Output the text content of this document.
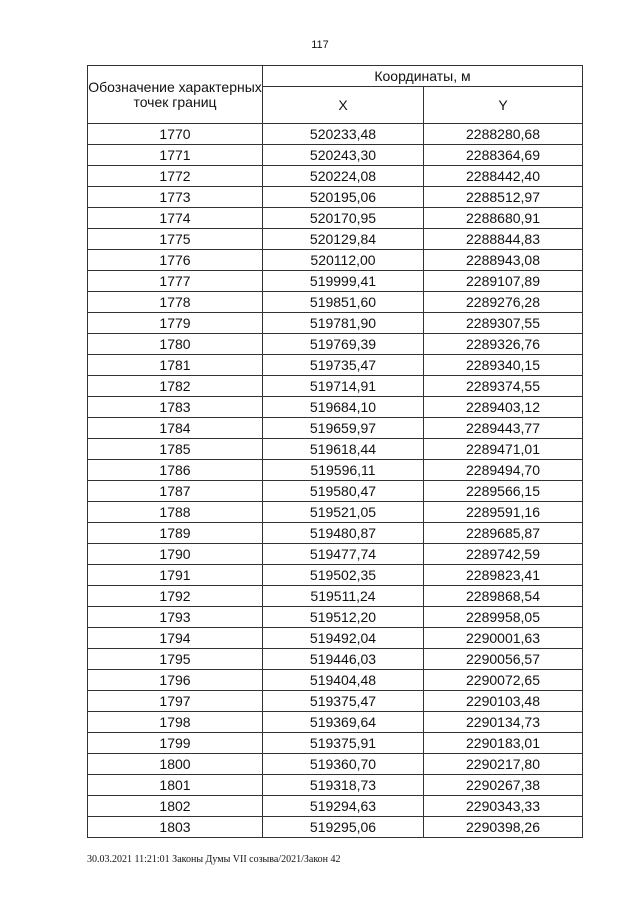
117
Обозначение характерных точек границ	Координаты, м	
	X	Y
1770	520233,48	2288280,68
1771	520243,30	2288364,69
1772	520224,08	2288442,40
1773	520195,06	2288512,97
1774	520170,95	2288680,91
1775	520129,84	2288844,83
1776	520112,00	2288943,08
1777	519999,41	2289107,89
1778	519851,60	2289276,28
1779	519781,90	2289307,55
1780	519769,39	2289326,76
1781	519735,47	2289340,15
1782	519714,91	2289374,55
1783	519684,10	2289403,12
1784	519659,97	2289443,77
1785	519618,44	2289471,01
1786	519596,11	2289494,70
1787	519580,47	2289566,15
1788	519521,05	2289591,16
1789	519480,87	2289685,87
1790	519477,74	2289742,59
1791	519502,35	2289823,41
1792	519511,24	2289868,54
1793	519512,20	2289958,05
1794	519492,04	2290001,63
1795	519446,03	2290056,57
1796	519404,48	2290072,65
1797	519375,47	2290103,48
1798	519369,64	2290134,73
1799	519375,91	2290183,01
1800	519360,70	2290217,80
1801	519318,73	2290267,38
1802	519294,63	2290343,33
1803	519295,06	2290398,26
30.03.2021 11:21:01 Законы Думы VII созыва/2021/Закон 42
